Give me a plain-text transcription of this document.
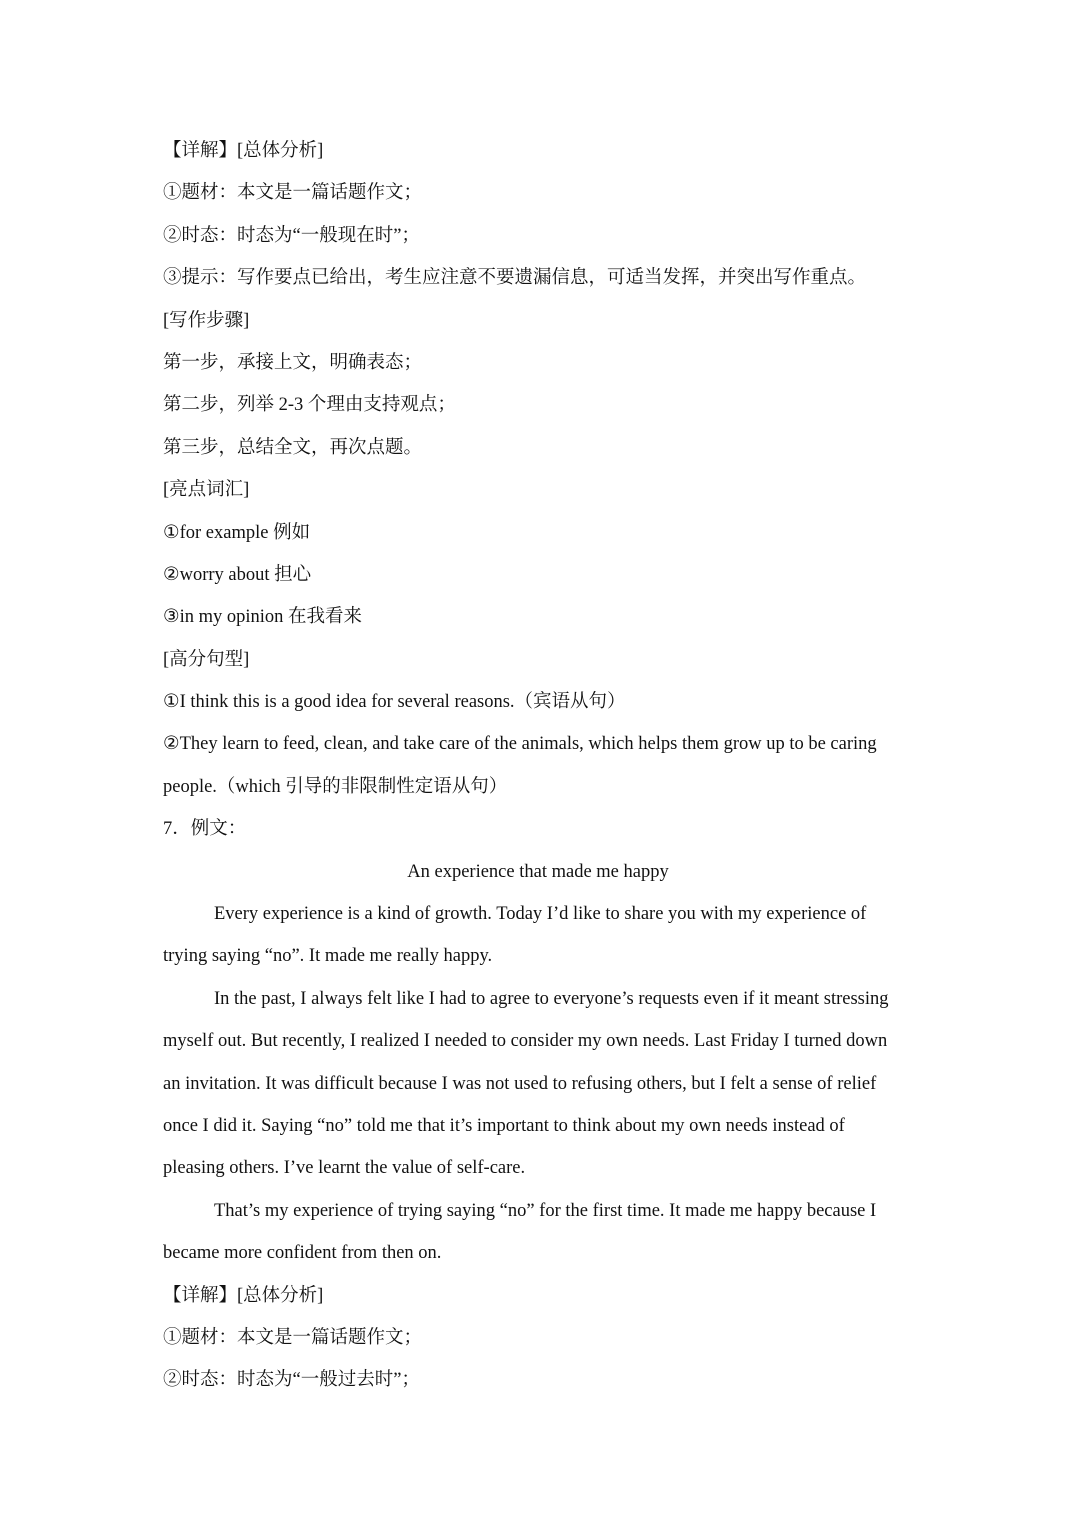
【详解】[总体分析]
①题材：本文是一篇话题作文；
②时态：时态为“一般现在时”；
③提示：写作要点已给出，考生应注意不要遗漏信息，可适当发挥，并突出写作重点。
[写作步骤]
第一步，承接上文，明确表态；
第二步，列举 2-3 个理由支持观点；
第三步，总结全文，再次点题。
[亮点词汇]
①for example 例如
②worry about 担心
③in my opinion 在我看来
[高分句型]
①I think this is a good idea for several reasons.（宾语从句）
②They learn to feed, clean, and take care of the animals, which helps them grow up to be caring
people.（which 引导的非限制性定语从句）
7．例文：
An experience that made me happy
Every experience is a kind of growth. Today I’d like to share you with my experience of
trying saying “no”. It made me really happy.
In the past, I always felt like I had to agree to everyone’s requests even if it meant stressing
myself out. But recently, I realized I needed to consider my own needs. Last Friday I turned down
an invitation. It was difficult because I was not used to refusing others, but I felt a sense of relief
once I did it. Saying “no” told me that it’s important to think about my own needs instead of
pleasing others. I’ve learnt the value of self-care.
That’s my experience of trying saying “no” for the first time. It made me happy because I
became more confident from then on.
【详解】[总体分析]
①题材：本文是一篇话题作文；
②时态：时态为“一般过去时”；
